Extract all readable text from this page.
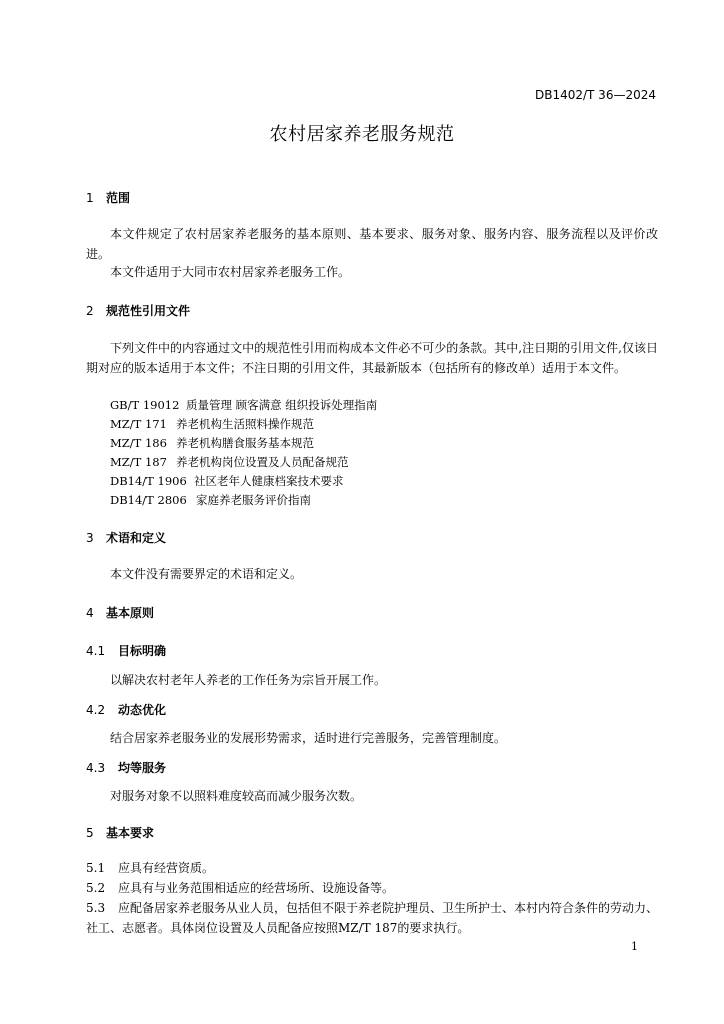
DB1402/T 36—2024
农村居家养老服务规范
1 范围
本文件规定了农村居家养老服务的基本原则、基本要求、服务对象、服务内容、服务流程以及评价改进。
本文件适用于大同市农村居家养老服务工作。
2 规范性引用文件
下列文件中的内容通过文中的规范性引用而构成本文件必不可少的条款。其中,注日期的引用文件,仅该日期对应的版本适用于本文件；不注日期的引用文件，其最新版本（包括所有的修改单）适用于本文件。
GB/T 19012 质量管理 顾客满意 组织投诉处理指南
MZ/T 171 养老机构生活照料操作规范
MZ/T 186 养老机构膳食服务基本规范
MZ/T 187 养老机构岗位设置及人员配备规范
DB14/T 1906 社区老年人健康档案技术要求
DB14/T 2806 家庭养老服务评价指南
3 术语和定义
本文件没有需要界定的术语和定义。
4 基本原则
4.1 目标明确
以解决农村老年人养老的工作任务为宗旨开展工作。
4.2 动态优化
结合居家养老服务业的发展形势需求，适时进行完善服务，完善管理制度。
4.3 均等服务
对服务对象不以照料难度较高而减少服务次数。
5 基本要求
5.1 应具有经营资质。
5.2 应具有与业务范围相适应的经营场所、设施设备等。
5.3 应配备居家养老服务从业人员，包括但不限于养老院护理员、卫生所护士、本村内符合条件的劳动力、社工、志愿者。具体岗位设置及人员配备应按照MZ/T 187的要求执行。
1
